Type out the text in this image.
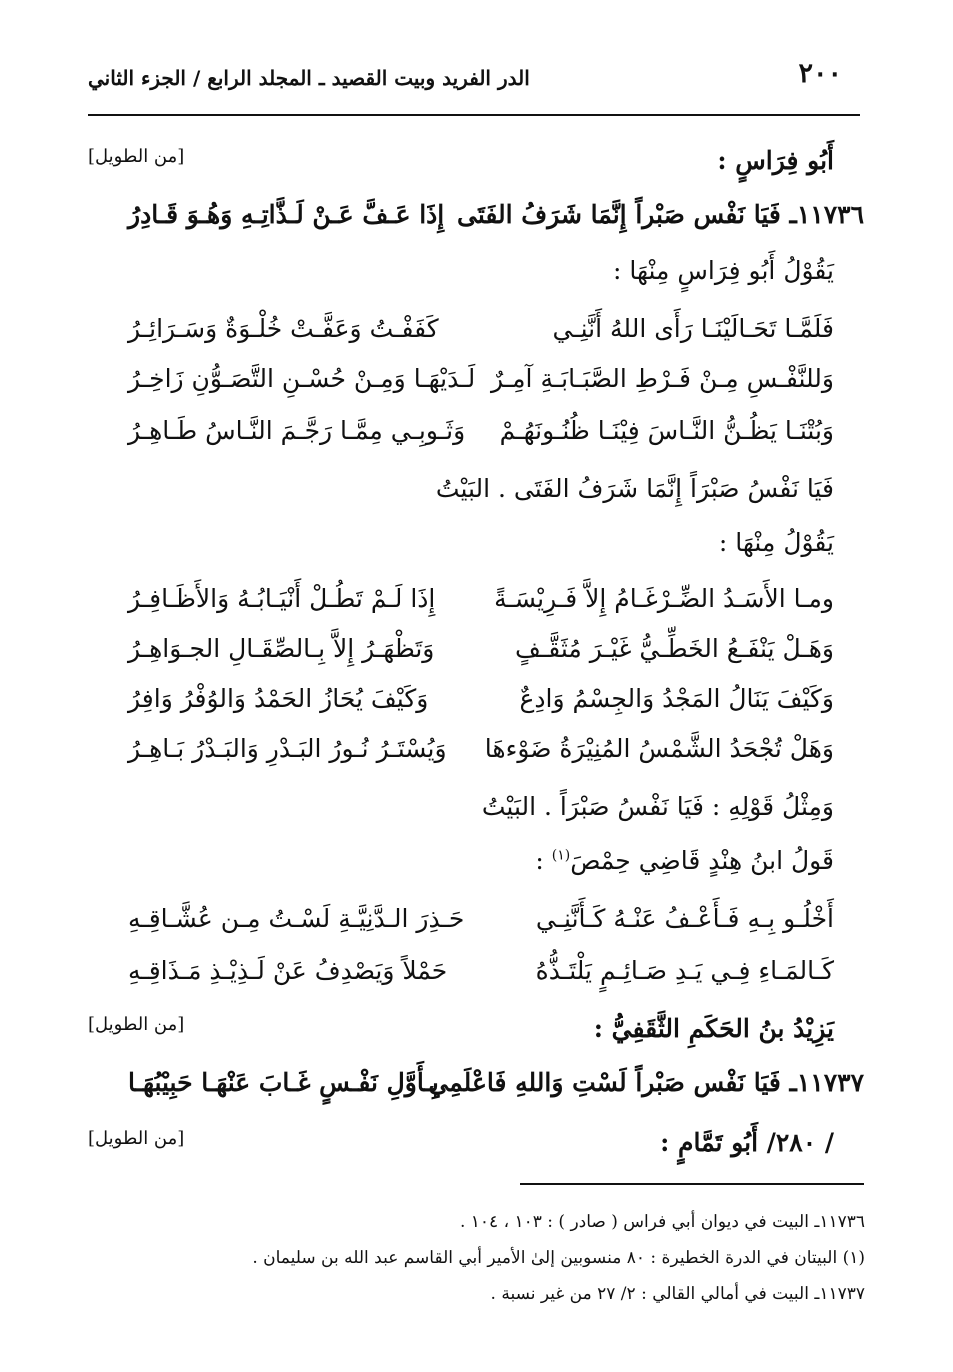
٢٠٠
الدر الفريد وبيت القصيد ـ المجلد الرابع / الجزء الثاني
أَبُو فِرَاسٍ :
[من الطويل]
١١٧٣٦ـ فَيَا نَفْس صَبْراً إِنَّمَا شَرَفُ الفَتَى
إِذَا عَـفَّ عَـنْ لَـذَّاتِـهِ وَهُـوَ قَـادِرُ
يَقُوْلُ أَبُو فِرَاسٍ مِنْهَا :
فَلَمَّـا تَحَـالَيْنَـا رَأَى اللهُ أَنَّنِـي
كَفَفْـتُ وَعَفَّـتْ خُلْـوَةٌ وَسَـرَائِـرُ
وَللنَّفْـسِ مِـنْ فَـرْطِ الصَّبَـابَـةِ آمِـرٌ
لَـدَيْهَـا وَمِـنْ حُسْـنِ التَّصَـوُّنِ زَاخِـرُ
وَبُتْنَـا يَظُـنُّ النَّـاسَ فِيْنَـا ظُنُـونَهُـمْ
وَثَـوبِـي مِمَّـا رَجَّـمَ النَّـاسُ طَـاهِـرُ
فَيَا نَفْسُ صَبْرَاً إِنَّمَا شَرَفُ الفَتَى . البَيْتُ
يَقُوْلُ مِنْهَا :
ومـا الأَسَـدُ الضِّـرْغَـامُ إِلاَّ فَـرِيْسَـةً
إِذَا لَـمْ تَطُـلْ أَنْيَـابُـهُ وَالأَظَـافِـرُ
وَهَـلْ يَنْفَـعُ الخَطِّـيُّ غَيْـرَ مُثَقَّـفٍ
وَتَظْهَـرُ إِلاَّ بِـالصِّقَـالِ الجـوَاهِـرُ
وَكَيْفَ يَنَالُ المَجْدُ وَالجِسْمُ وَادِعٌ
وَكَيْفَ يُحَازُ الحَمْدُ وَالوُفْرُ وَافِرُ
وَهَلْ تُجْحَدُ الشَّمْسُ المُنِيْرَةُ ضَوْءهَا
وَيُسْتَـرُ نُـورُ البَـدْرِ وَالبَـدْرُ بَـاهِـرُ
وَمِثْلُ قَوْلِهِ : فَيَا نَفْسُ صَبْرَاً . البَيْتُ
قَولُ ابنُ هِنْدٍ قَاضِي حِمْصَ$^{(١)}$ :
أَخْلُـو بِـهِ فَـأَعْـفُ عَنْـهُ كَـأَنَّنِـي
حَـذِرَ الـدَّنِيَّـةِ لَسْـتُ مِـن عُشَّـاقِـهِ
كَـالمَـاءِ فِـي يَـدِ صَـائِـمٍ يَلْتَـذُّهُ
حَمْلاً وَيَصْدِفُ عَنْ لَـذِيْـذِ مَـذَاقِـهِ
يَزِيْدُ بنُ الحَكَمِ الثَّقَفِيُّ :
[من الطويل]
١١٧٣٧ـ فَيَا نَفْس صَبْراً لَسْتِ وَاللهِ فَاعْلَمِي
بِـأَوَّلِ نَفْـسٍ غَـابَ عَنْهَـا حَبِيْبُهَـا
/ ٢٨٠/ أَبُو تَمَّامٍ :
[من الطويل]
١١٧٣٦ـ البيت في ديوان أبي فراس ( صادر ) : ١٠٣ ، ١٠٤ .
(١) البيتان في الدرة الخطيرة : ٨٠ منسوبين إلىٰ الأمير أبي القاسم عبد الله بن سليمان .
١١٧٣٧ـ البيت في أمالي القالي : ٢/ ٢٧ من غير نسبة .
